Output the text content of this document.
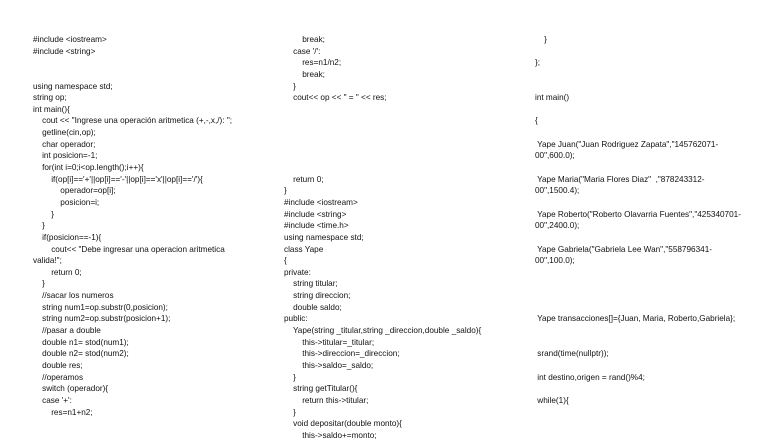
#include <iostream>
#include <string>
using namespace std;
string op;
int main(){
cout << "Ingrese una operación aritmetica (+,-,x,/): ";
getline(cin,op);
char operador;
int posicion=-1;
for(int i=0;i<op.length();i++){
if(op[i]=='+'||op[i]=='-'||op[i]=='x'||op[i]=='/'){
operador=op[i];
posicion=i;
}
}
if(posicion==-1){
cout<< "Debe ingresar una operacion aritmetica
valida!";
return 0;
}
//sacar los numeros
string num1=op.substr(0,posicion);
string num2=op.substr(posicion+1);
//pasar a double
double n1= stod(num1);
double n2= stod(num2);
double res;
//operamos
switch (operador){
case '+':
res=n1+n2;
break;
case '/':
res=n1/n2;
break;
}
cout<< op << " = " << res;
return 0;
}
#include <iostream>
#include <string>
#include <time.h>
using namespace std;
class Yape
{
private:
string titular;
string direccion;
double saldo;
public:
Yape(string _titular,string _direccion,double _saldo){
this->titular=_titular;
this->direccion=_direccion;
this->saldo=_saldo;
}
string getTitular(){
return this->titular;
}
void depositar(double monto){
this->saldo+=monto;
}
};
int main()
{
Yape Juan("Juan Rodriguez Zapata","145762071-
00",600.0);
Yape Maria("Maria Flores Diaz"  ,"878243312-
00",1500.4);
Yape Roberto("Roberto Olavarria Fuentes","425340701-
00",2400.0);
Yape Gabriela("Gabriela Lee Wan","558796341-
00",100.0);
Yape transacciones[]={Juan, Maria, Roberto,Gabriela};
srand(time(nullptr));
int destino,origen = rand()%4;
while(1){
